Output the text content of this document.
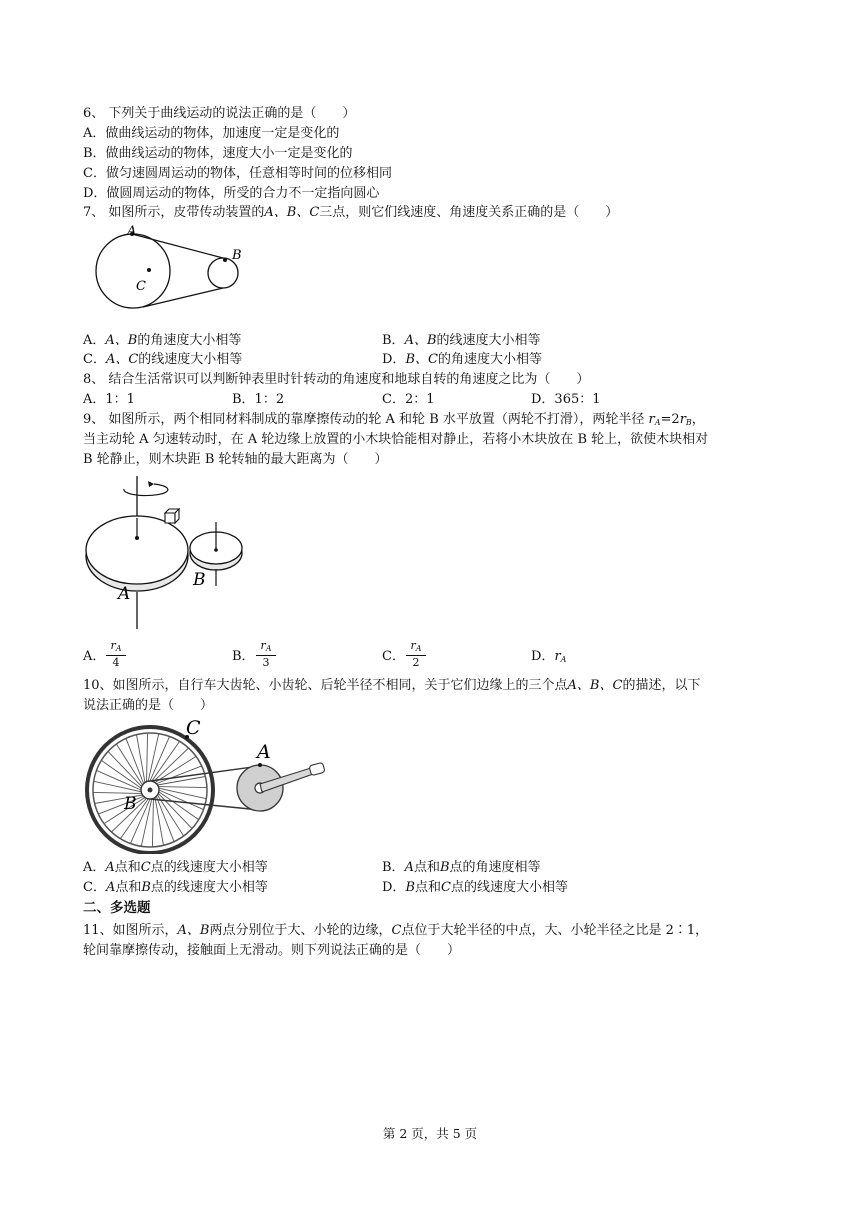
6、 下列关于曲线运动的说法正确的是（　　）
A．做曲线运动的物体，加速度一定是变化的
B．做曲线运动的物体，速度大小一定是变化的
C．做匀速圆周运动的物体，任意相等时间的位移相同
D．做圆周运动的物体，所受的合力不一定指向圆心
7、 如图所示，皮带传动装置的A、B、C三点，则它们线速度、角速度关系正确的是（　　）
A
B
C
A．A、B的角速度大小相等	B．A、B的线速度大小相等
C．A、C的线速度大小相等	D．B、C的角速度大小相等
8、 结合生活常识可以判断钟表里时针转动的角速度和地球自转的角速度之比为（　　）
A．1：1	B．1：2	C．2：1	D．365：1
9、 如图所示，两个相同材料制成的靠摩擦传动的轮 A 和轮 B 水平放置（两轮不打滑），两轮半径 $r_A=2r_B$，
当主动轮 A 匀速转动时，在 A 轮边缘上放置的小木块恰能相对静止，若将小木块放在 B 轮上，欲使木块相对
B 轮静止，则木块距 B 轮转轴的最大距离为（　　）
B
A
A． $\frac{r_A}{4}$	B． $\frac{r_A}{3}$	C． $\frac{r_A}{2}$	D．$r_A$
10、如图所示，自行车大齿轮、小齿轮、后轮半径不相同，关于它们边缘上的三个点A、B、C的描述，以下
说法正确的是（　　）
C
A
B
A．A点和C点的线速度大小相等	B．A点和B点的角速度相等
C．A点和B点的线速度大小相等	D．B点和C点的线速度大小相等
二、多选题
11、如图所示，A、B两点分别位于大、小轮的边缘，C点位于大轮半径的中点，大、小轮半径之比是 2∶1，
轮间靠摩擦传动，接触面上无滑动。则下列说法正确的是（　　）
第 2 页，共 5 页
